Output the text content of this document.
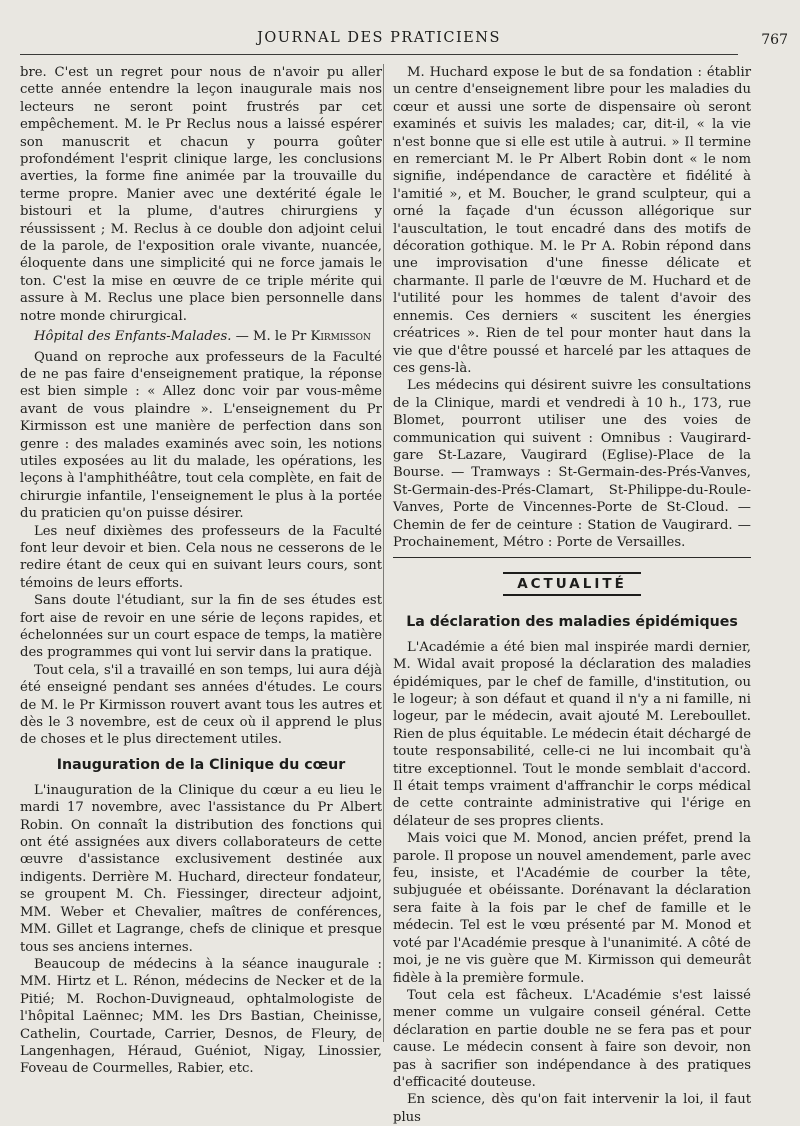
JOURNAL DES PRATICIENS	767

bre. C'est un regret pour nous de n'avoir pu aller cette année entendre la leçon inaugurale mais nos lecteurs ne seront point frustrés par cet empêchement. M. le Pr Reclus nous a laissé espérer son manuscrit et chacun y pourra goûter profondément l'esprit clinique large, les conclusions averties, la forme fine animée par la trouvaille du terme propre. Manier avec une dextérité égale le bistouri et la plume, d'autres chirurgiens y réussissent ; M. Reclus à ce double don adjoint celui de la parole, de l'exposition orale vivante, nuancée, éloquente dans une simplicité qui ne force jamais le ton. C'est la mise en œuvre de ce triple mérite qui assure à M. Reclus une place bien personnelle dans notre monde chirurgical.

Hôpital des Enfants-Malades. — M. le Pr Kirmisson

Quand on reproche aux professeurs de la Faculté de ne pas faire d'enseignement pratique, la réponse est bien simple : « Allez donc voir par vous-même avant de vous plaindre ». L'enseignement du Pr Kirmisson est une manière de perfection dans son genre : des malades examinés avec soin, les notions utiles exposées au lit du malade, les opérations, les leçons à l'amphithéâtre, tout cela complète, en fait de chirurgie infantile, l'enseignement le plus à la portée du praticien qu'on puisse désirer.

Les neuf dixièmes des professeurs de la Faculté font leur devoir et bien. Cela nous ne cesserons de le redire étant de ceux qui en suivant leurs cours, sont témoins de leurs efforts.

Sans doute l'étudiant, sur la fin de ses études est fort aise de revoir en une série de leçons rapides, et échelonnées sur un court espace de temps, la matière des programmes qui vont lui servir dans la pratique.

Tout cela, s'il a travaillé en son temps, lui aura déjà été enseigné pendant ses années d'études. Le cours de M. le Pr Kirmisson rouvert avant tous les autres et dès le 3 novembre, est de ceux où il apprend le plus de choses et le plus directement utiles.

Inauguration de la Clinique du cœur

L'inauguration de la Clinique du cœur a eu lieu le mardi 17 novembre, avec l'assistance du Pr Albert Robin. On connaît la distribution des fonctions qui ont été assignées aux divers collaborateurs de cette œuvre d'assistance exclusivement destinée aux indigents. Derrière M. Huchard, directeur fondateur, se groupent M. Ch. Fiessinger, directeur adjoint, MM. Weber et Chevalier, maîtres de conférences, MM. Gillet et Lagrange, chefs de clinique et presque tous ses anciens internes.

Beaucoup de médecins à la séance inaugurale : MM. Hirtz et L. Rénon, médecins de Necker et de la Pitié; M. Rochon-Duvigneaud, ophtalmologiste de l'hôpital Laënnec; MM. les Drs Bastian, Cheinisse, Cathelin, Courtade, Carrier, Desnos, de Fleury, de Langenhagen, Héraud, Guéniot, Nigay, Linossier, Foveau de Courmelles, Rabier, etc.

M. Huchard expose le but de sa fondation : établir un centre d'enseignement libre pour les maladies du cœur et aussi une sorte de dispensaire où seront examinés et suivis les malades; car, dit-il, « la vie n'est bonne que si elle est utile à autrui. » Il termine en remerciant M. le Pr Albert Robin dont « le nom signifie, indépendance de caractère et fidélité à l'amitié », et M. Boucher, le grand sculpteur, qui a orné la façade d'un écusson allégorique sur l'auscultation, le tout encadré dans des motifs de décoration gothique. M. le Pr A. Robin répond dans une improvisation d'une finesse délicate et charmante. Il parle de l'œuvre de M. Huchard et de l'utilité pour les hommes de talent d'avoir des ennemis. Ces derniers « suscitent les énergies créatrices ». Rien de tel pour monter haut dans la vie que d'être poussé et harcelé par les attaques de ces gens-là.

Les médecins qui désirent suivre les consultations de la Clinique, mardi et vendredi à 10 h., 173, rue Blomet, pourront utiliser une des voies de communication qui suivent : Omnibus : Vaugirard-gare St-Lazare, Vaugirard (Eglise)-Place de la Bourse. — Tramways : St-Germain-des-Prés-Vanves, St-Germain-des-Prés-Clamart, St-Philippe-du-Roule-Vanves, Porte de Vincennes-Porte de St-Cloud. — Chemin de fer de ceinture : Station de Vaugirard. — Prochainement, Métro : Porte de Versailles.

ACTUALITÉ
La déclaration des maladies épidémiques

L'Académie a été bien mal inspirée mardi dernier, M. Widal avait proposé la déclaration des maladies épidémiques, par le chef de famille, d'institution, ou le logeur; à son défaut et quand il n'y a ni famille, ni logeur, par le médecin, avait ajouté M. Lereboullet. Rien de plus équitable. Le médecin était déchargé de toute responsabilité, celle-ci ne lui incombait qu'à titre exceptionnel. Tout le monde semblait d'accord. Il était temps vraiment d'affranchir le corps médical de cette contrainte administrative qui l'érige en délateur de ses propres clients.

Mais voici que M. Monod, ancien préfet, prend la parole. Il propose un nouvel amendement, parle avec feu, insiste, et l'Académie de courber la tête, subjuguée et obéissante. Dorénavant la déclaration sera faite à la fois par le chef de famille et le médecin. Tel est le vœu présenté par M. Monod et voté par l'Académie presque à l'unanimité. A côté de moi, je ne vis guère que M. Kirmisson qui demeurât fidèle à la première formule.

Tout cela est fâcheux. L'Académie s'est laissé mener comme un vulgaire conseil général. Cette déclaration en partie double ne se fera pas et pour cause. Le médecin consent à faire son devoir, non pas à sacrifier son indépendance à des pratiques d'efficacité douteuse.

En science, dès qu'on fait intervenir la loi, il faut plus
